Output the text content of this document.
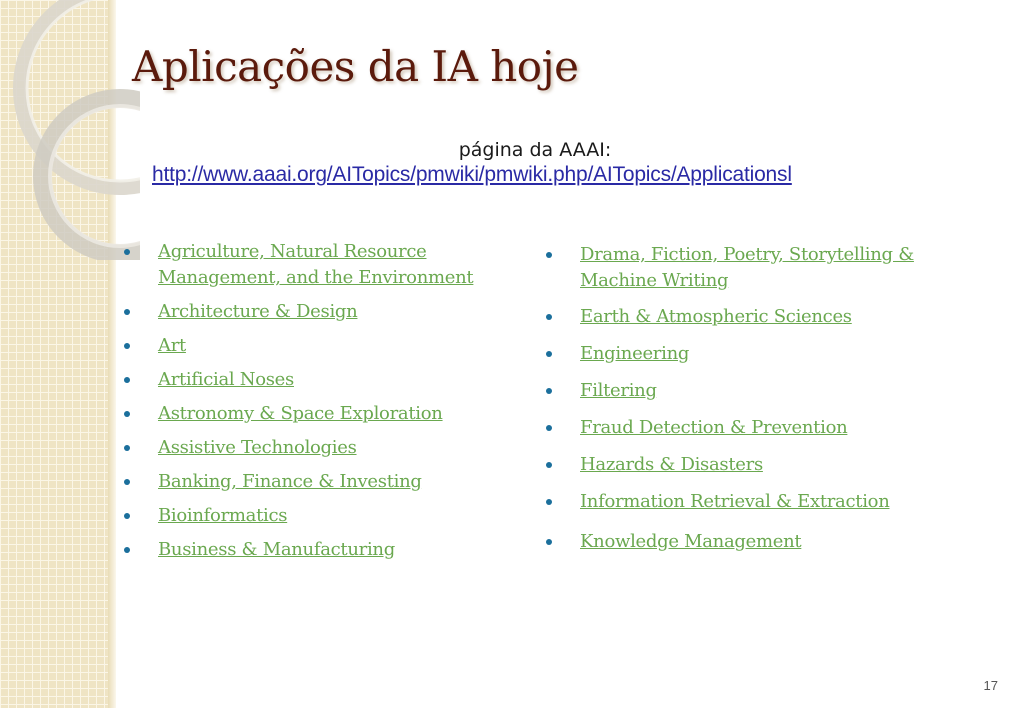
Aplicações da IA hoje
página da AAAI:
http://www.aaai.org/AITopics/pmwiki/pmwiki.php/AITopics/Applicationsl
Agriculture, Natural Resource Management, and the Environment
Architecture & Design
Art
Artificial Noses
Astronomy & Space Exploration
Assistive Technologies
Banking, Finance & Investing
Bioinformatics
Business & Manufacturing
Drama, Fiction, Poetry, Storytelling & Machine Writing
Earth & Atmospheric Sciences
Engineering
Filtering
Fraud Detection & Prevention
Hazards & Disasters
Information Retrieval & Extraction
Knowledge Management
17
